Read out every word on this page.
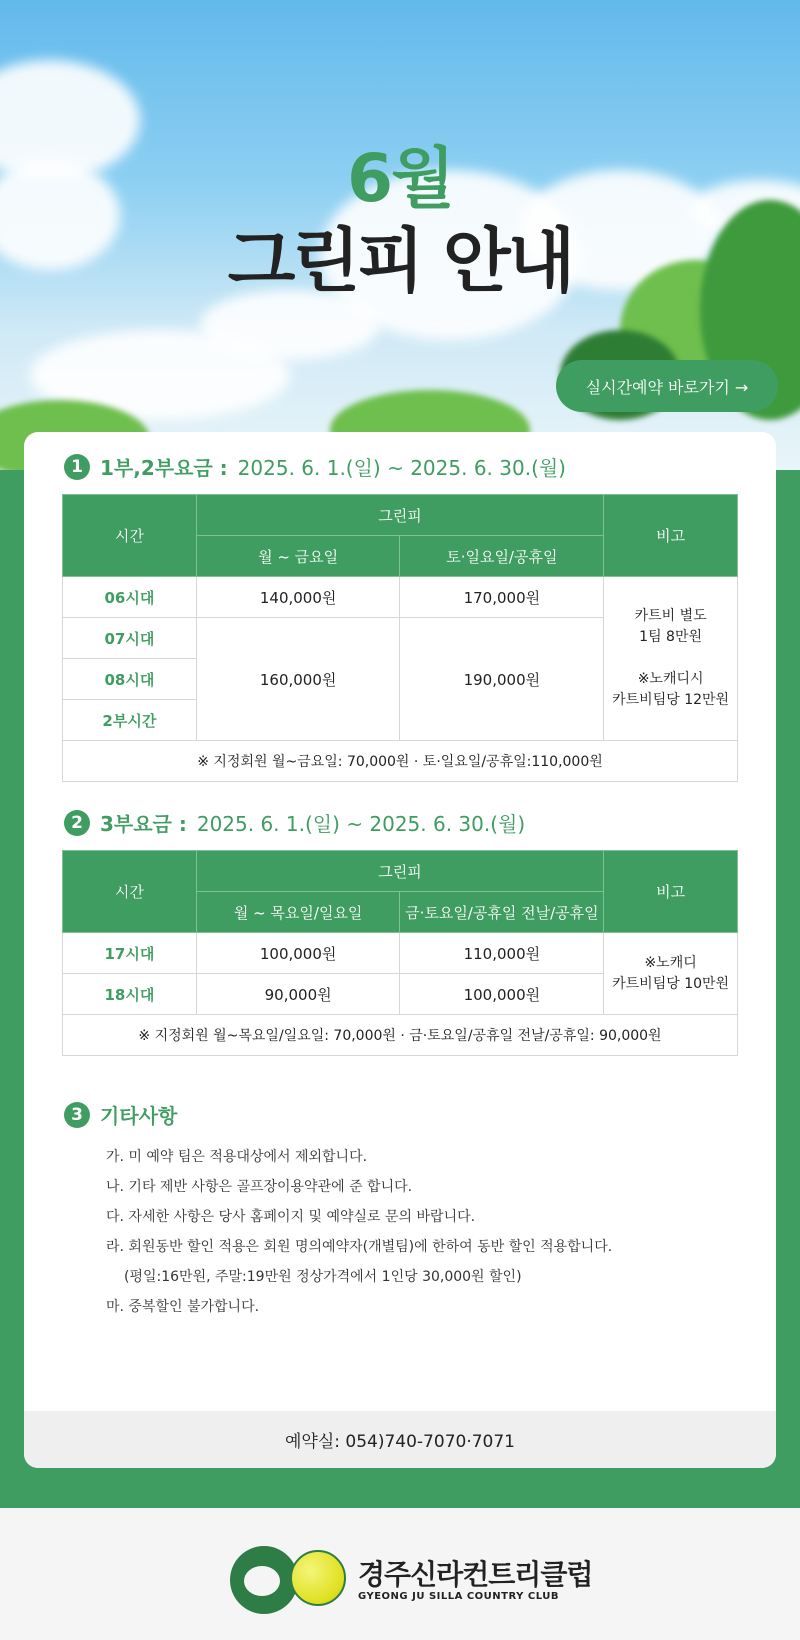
6월
그린피 안내
실시간예약 바로가기 →
1 1부,2부요금 : 2025. 6. 1.(일) ~ 2025. 6. 30.(월)
시간	그린피		비고
	월 ~ 금요일	토·일요일/공휴일	
06시대	140,000원	170,000원	카트비 별도
1팀 8만원
※노캐디시
카트비팀당 12만원

07시대	160,000원	190,000원	
08시대			
2부시간			
※ 지정회원 월~금요일: 70,000원 · 토·일요일/공휴일:110,000원			
2 3부요금 : 2025. 6. 1.(일) ~ 2025. 6. 30.(월)
시간	그린피		비고
	월 ~ 목요일/일요일	금·토요일/공휴일 전날/공휴일	
17시대	100,000원	110,000원	※노캐디
카트비팀당 10만원

18시대	90,000원	100,000원	
※ 지정회원 월~목요일/일요일: 70,000원 · 금·토요일/공휴일 전날/공휴일: 90,000원			
3 기타사항
가. 미 예약 팀은 적용대상에서 제외합니다.
나. 기타 제반 사항은 골프장이용약관에 준 합니다.
다. 자세한 사항은 당사 홈페이지 및 예약실로 문의 바랍니다.
라. 회원동반 할인 적용은 회원 명의예약자(개별팀)에 한하여 동반 할인 적용합니다.
(평일:16만원, 주말:19만원 정상가격에서 1인당 30,000원 할인)
마. 중복할인 불가합니다.
예약실: 054)740-7070·7071
경주신라컨트리클럽
GYEONG JU SILLA COUNTRY CLUB
